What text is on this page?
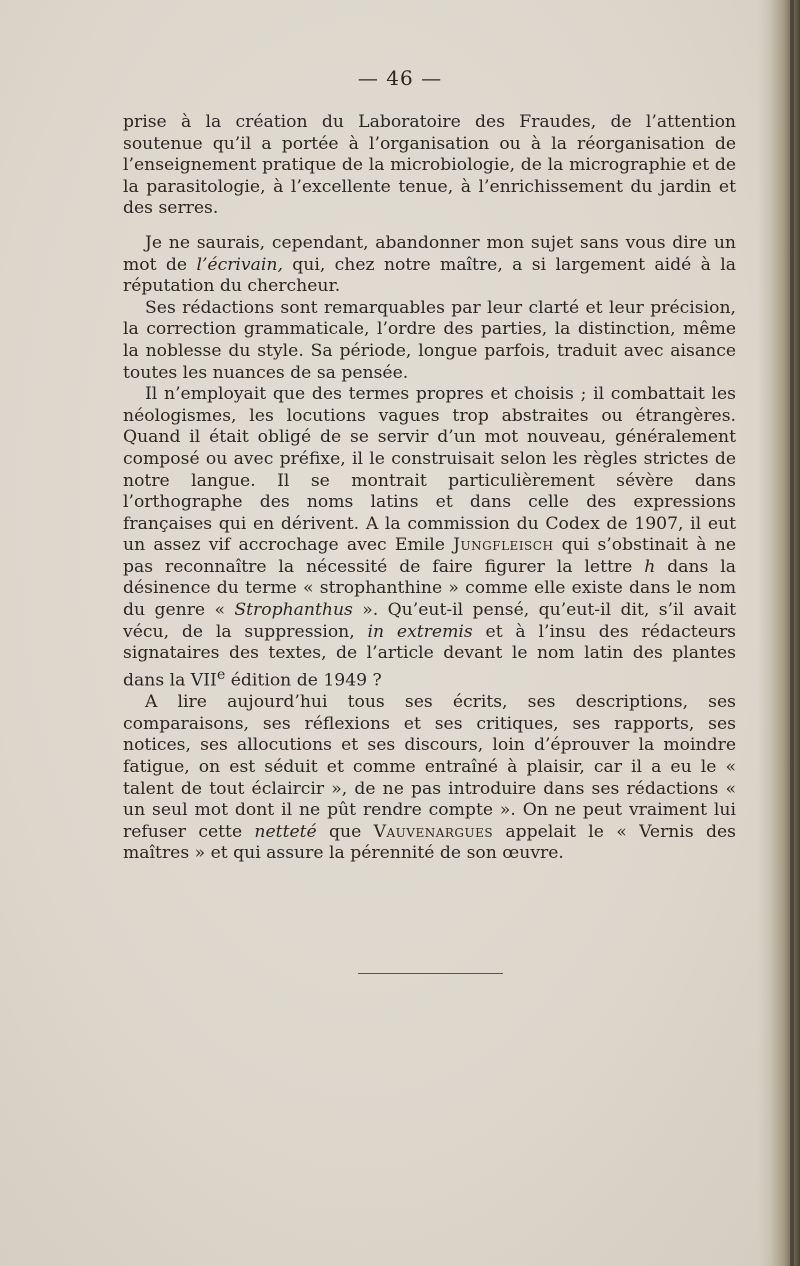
— 46 —

prise à la création du Laboratoire des Fraudes, de l’attention soutenue qu’il a portée à l’organisation ou à la réorganisation de l’enseignement pratique de la microbiologie, de la micrographie et de la parasitologie, à l’excellente tenue, à l’enrichissement du jardin et des serres.

Je ne saurais, cependant, abandonner mon sujet sans vous dire un mot de l’écrivain, qui, chez notre maître, a si largement aidé à la réputation du chercheur.

Ses rédactions sont remarquables par leur clarté et leur précision, la correction grammaticale, l’ordre des parties, la distinction, même la noblesse du style. Sa période, longue parfois, traduit avec aisance toutes les nuances de sa pensée.

Il n’employait que des termes propres et choisis ; il combattait les néologismes, les locutions vagues trop abstraites ou étrangères. Quand il était obligé de se servir d’un mot nouveau, généralement composé ou avec préfixe, il le construisait selon les règles strictes de notre langue. Il se montrait particulièrement sévère dans l’orthographe des noms latins et dans celle des expressions françaises qui en dérivent. A la commission du Codex de 1907, il eut un assez vif accrochage avec Emile Jungfleisch qui s’obstinait à ne pas reconnaître la nécessité de faire figurer la lettre h dans la désinence du terme « strophanthine » comme elle existe dans le nom du genre « Strophanthus ». Qu’eut-il pensé, qu’eut-il dit, s’il avait vécu, de la suppression, in extremis et à l’insu des rédacteurs signataires des textes, de l’article devant le nom latin des plantes dans la VIIe édition de 1949 ?

A lire aujourd’hui tous ses écrits, ses descriptions, ses comparaisons, ses réflexions et ses critiques, ses rapports, ses notices, ses allocutions et ses discours, loin d’éprouver la moindre fatigue, on est séduit et comme entraîné à plaisir, car il a eu le « talent de tout éclaircir », de ne pas introduire dans ses rédactions « un seul mot dont il ne pût rendre compte ». On ne peut vraiment lui refuser cette netteté que Vauvenargues appelait le « Vernis des maîtres » et qui assure la pérennité de son œuvre.
